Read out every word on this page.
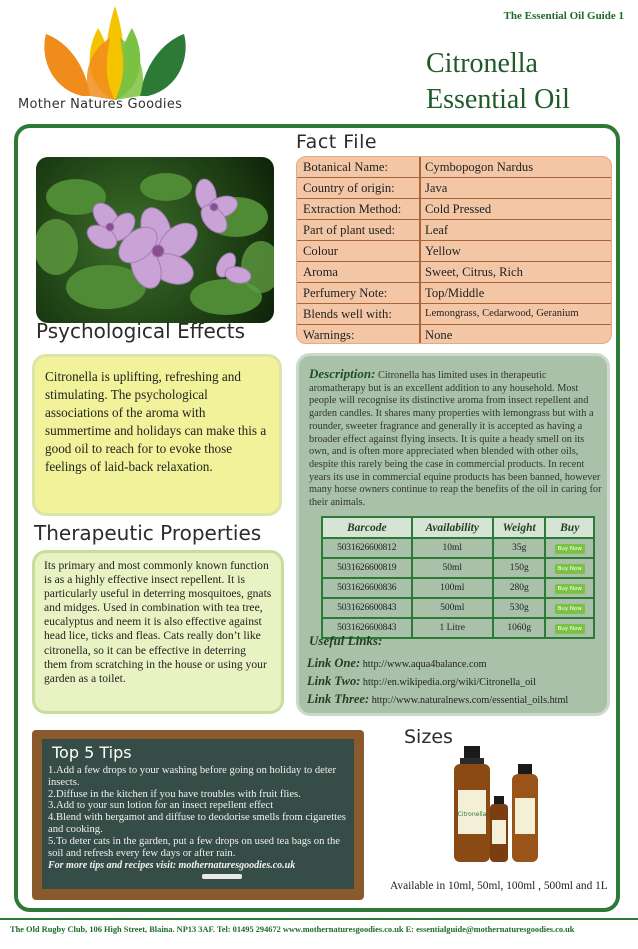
The Essential Oil Guide 1
Mother Natures Goodies
Citronella
Essential Oil
Fact File
Botanical Name:	Cymbopogon Nardus
Country of origin:	Java
Extraction Method:	Cold Pressed
Part of plant used:	Leaf
Colour	Yellow
Aroma	Sweet, Citrus, Rich
Perfumery Note:	Top/Middle
Blends well with:	Lemongrass, Cedarwood, Geranium
Warnings:	None
Psychological Effects
Citronella is uplifting, refreshing and stimulating. The psychological associations of the aroma with summertime and holidays can make this a good oil to reach for to evoke those feelings of laid-back relaxation.
Description: Citronella has limited uses in therapeutic aromatherapy but is an excellent addition to any household. Most people will recognise its distinctive aroma from insect repellent and garden candles. It shares many properties with lemongrass but with a rounder, sweeter fragrance and generally it is accepted as having a broader effect against flying insects. It is quite a heady smell on its own, and is often more appreciated when blended with other oils, despite this rarely being the case in commercial products. In recent years its use in commercial equine products has been banned, however many horse owners continue to reap the benefits of the oil in caring for their animals.
Barcode	Availability	Weight	Buy
5031626600812	10ml	35g	Buy Now
5031626600819	50ml	150g	Buy Now
5031626600836	100ml	280g	Buy Now
5031626600843	500ml	530g	Buy Now
5031626600843	1 Litre	1060g	Buy Now
Useful Links:
Link One: http://www.aqua4balance.com
Link Two: http://en.wikipedia.org/wiki/Citronella_oil
Link Three: http://www.naturalnews.com/essential_oils.html
Therapeutic Properties
Its primary and most commonly known function is as a highly effective insect repellent. It is particularly useful in deterring mosquitoes, gnats and midges. Used in combination with tea tree, eucalyptus and neem it is also effective against head lice, ticks and fleas. Cats really don’t like citronella, so it can be effective in deterring them from scratching in the house or using your garden as a toilet.
Top 5 Tips
1.Add a few drops to your washing before going on holiday to deter insects.
2.Diffuse in the kitchen if you have troubles with fruit flies.
3.Add to your sun lotion for an insect repellent effect
4.Blend with bergamot and diffuse to deodorise smells from cigarettes and cooking.
5.To deter cats in the garden, put a few drops on used tea bags on the soil and refresh every few days or after rain.
For more tips and recipes visit: mothernaturesgoodies.co.uk
Sizes
Citronella
Available in 10ml, 50ml, 100ml , 500ml and 1L
The Old Rugby Club, 106 High Street, Blaina. NP13 3AF. Tel: 01495 294672 www.mothernaturesgoodies.co.uk E: essentialguide@mothernaturesgoodies.co.uk
